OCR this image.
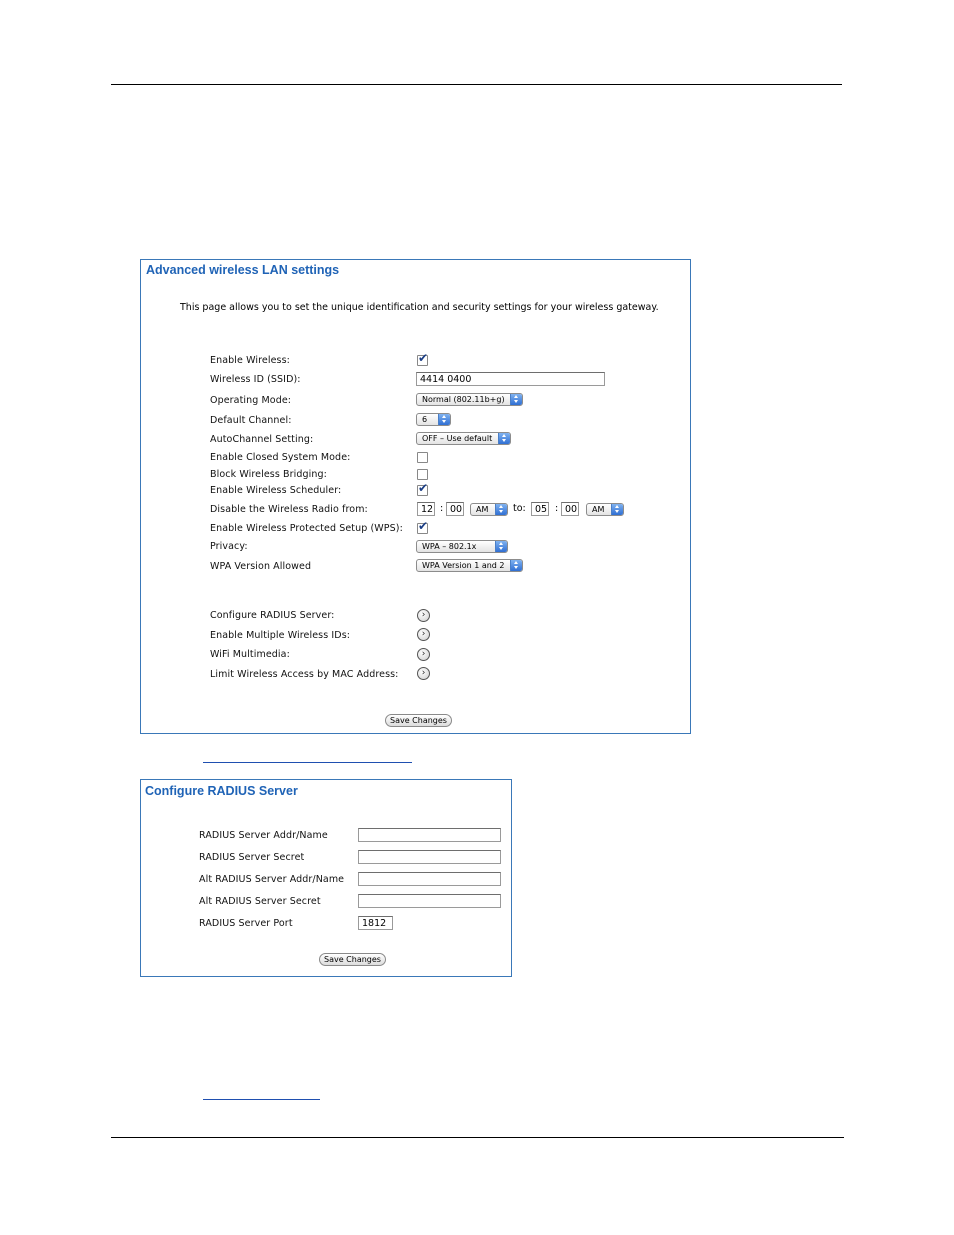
Advanced wireless LAN settings
This page allows you to set the unique identification and security settings for your wireless gateway.
Enable Wireless:	✔
Wireless ID (SSID):	4414 0400
Operating Mode:	Normal (802.11b+g)
Default Channel:	6
AutoChannel Setting:	OFF – Use default
Enable Closed System Mode:
Block Wireless Bridging:
Enable Wireless Scheduler:	✔
Disable the Wireless Radio from:	12 : 00	AM	to: 05 : 00	AM
Enable Wireless Protected Setup (WPS): ✔
Privacy:	WPA – 802.1x
WPA Version Allowed	WPA Version 1 and 2
Configure RADIUS Server:	›
Enable Multiple Wireless IDs:	›
WiFi Multimedia:	›
Limit Wireless Access by MAC Address:	›
Save Changes
Configure RADIUS Server
RADIUS Server Addr/Name
RADIUS Server Secret
Alt RADIUS Server Addr/Name
Alt RADIUS Server Secret
RADIUS Server Port	1812
Save Changes
